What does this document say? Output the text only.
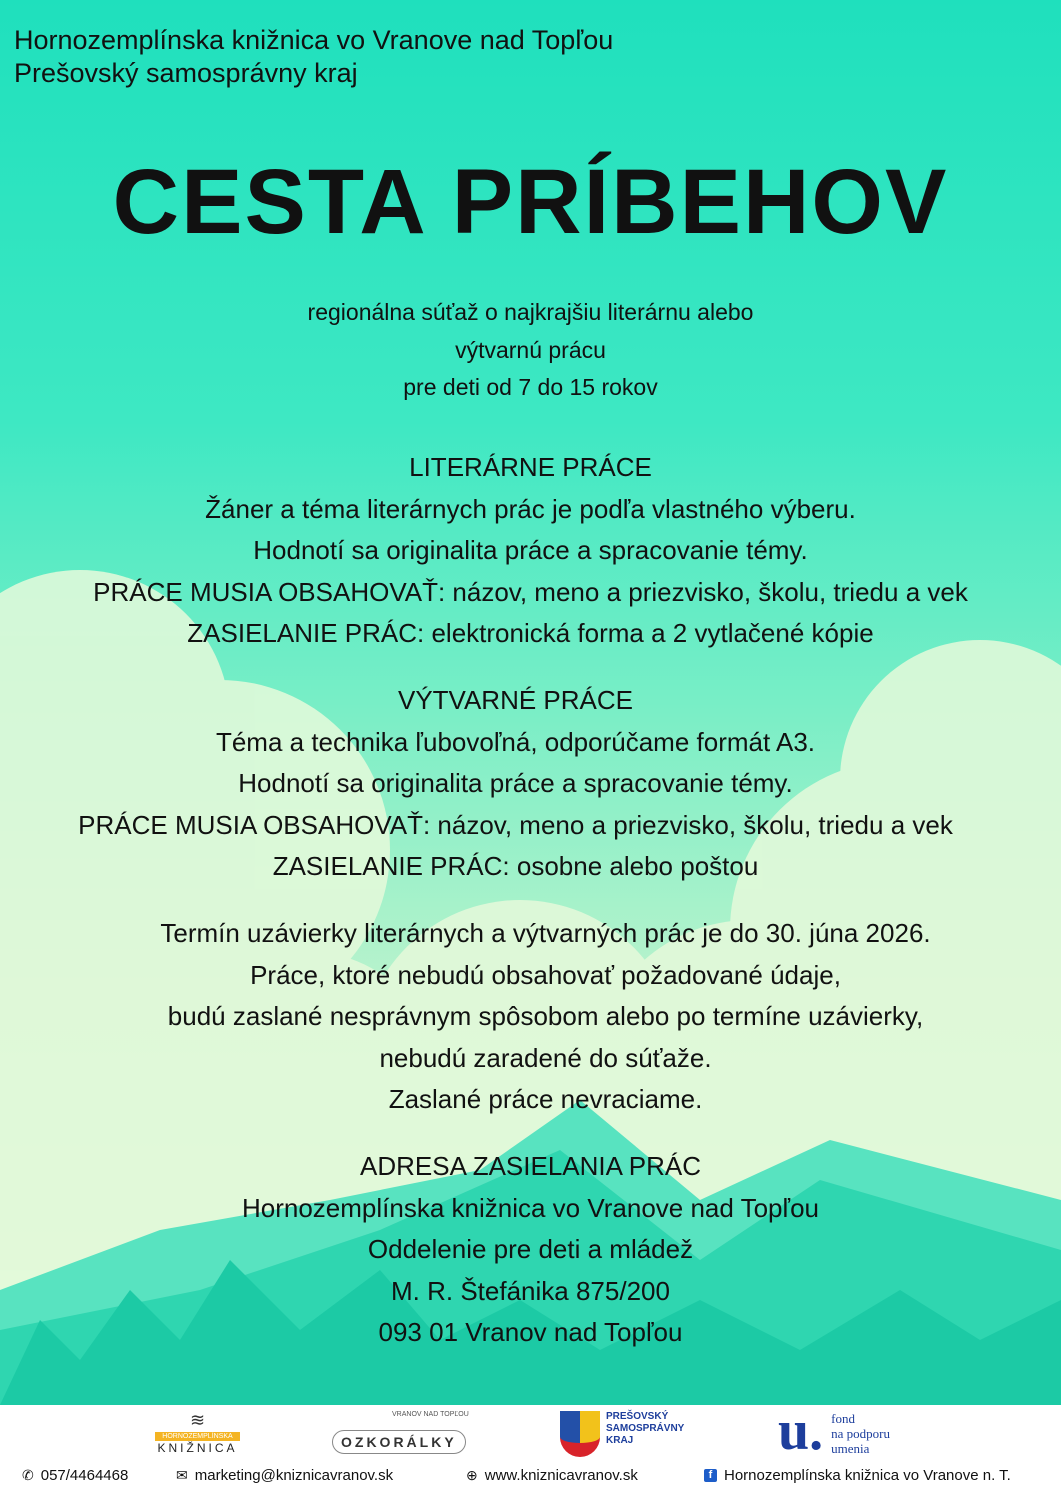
Hornozemplínska knižnica vo Vranove nad Topľou
Prešovský samosprávny kraj
CESTA PRÍBEHOV
regionálna súťaž o najkrajšiu literárnu alebo
výtvarnú prácu
pre deti od 7 do 15 rokov
LITERÁRNE PRÁCE
Žáner a téma literárnych prác je podľa vlastného výberu.
Hodnotí sa originalita práce a spracovanie témy.
PRÁCE MUSIA OBSAHOVAŤ: názov, meno a priezvisko, školu, triedu a vek
ZASIELANIE PRÁC: elektronická forma a 2 vytlačené kópie
VÝTVARNÉ PRÁCE
Téma a technika ľubovoľná, odporúčame formát A3.
Hodnotí sa originalita práce a spracovanie témy.
PRÁCE MUSIA OBSAHOVAŤ: názov, meno a priezvisko, školu, triedu a vek
ZASIELANIE PRÁC: osobne alebo poštou
Termín uzávierky literárnych a výtvarných prác je do 30. júna 2026.
Práce, ktoré nebudú obsahovať požadované údaje,
budú zaslané nesprávnym spôsobom alebo po termíne uzávierky,
nebudú zaradené do súťaže.
Zaslané práce nevraciame.
ADRESA ZASIELANIA PRÁC
Hornozemplínska knižnica vo Vranove nad Topľou
Oddelenie pre deti a mládež
M. R. Štefánika 875/200
093 01 Vranov nad Topľou
≋
HORNOZEMPLÍNSKA
KNIŽNICA
VRANOV NAD TOPĽOU
OZKORÁLKY
PREŠOVSKÝ
SAMOSPRÁVNY
KRAJ	u. fond
na podporu
umenia
✆ 057/4464468	✉ marketing@kniznicavranov.sk	⊕ www.kniznicavranov.sk	f Hornozemplínska knižnica vo Vranove n. T.
